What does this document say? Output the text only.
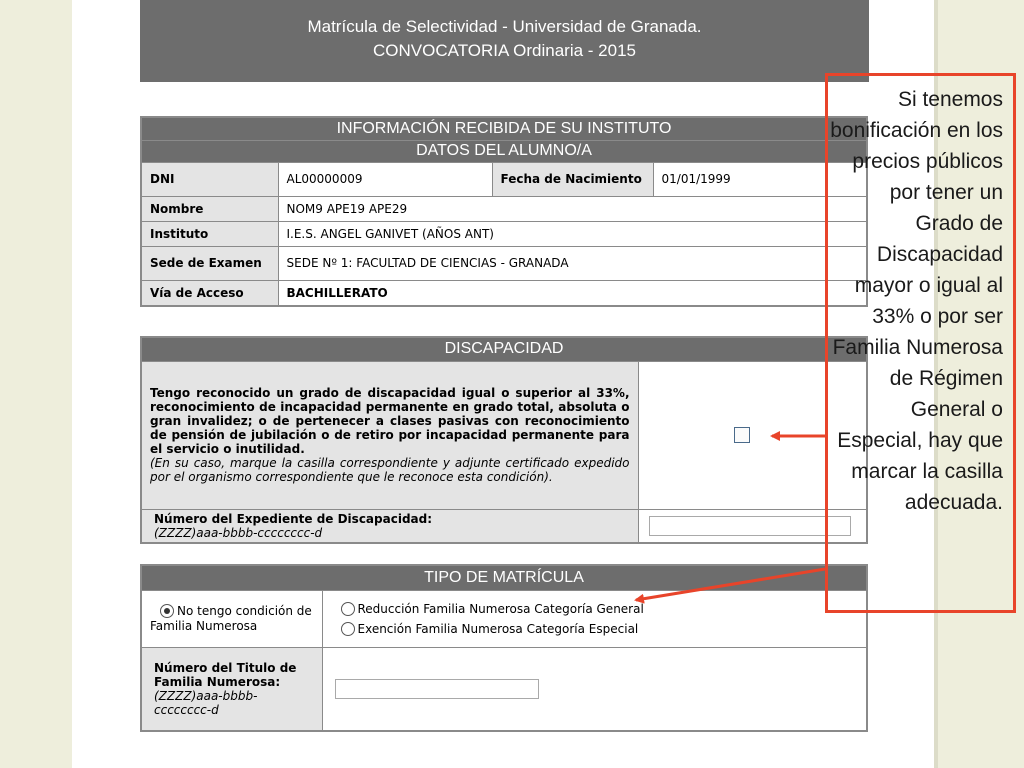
Matrícula de Selectividad - Universidad de Granada.
CONVOCATORIA Ordinaria - 2015
INFORMACIÓN RECIBIDA DE SU INSTITUTO			
DATOS DEL ALUMNO/A			
DNI	AL00000009	Fecha de Nacimiento	01/01/1999
Nombre	NOM9 APE19 APE29		
Instituto	I.E.S. ANGEL GANIVET (AÑOS ANT)		
Sede de Examen	SEDE Nº 1: FACULTAD DE CIENCIAS - GRANADA		
Vía de Acceso	BACHILLERATO		
DISCAPACIDAD	

Tengo reconocido un grado de discapacidad igual o superior al 33%, reconocimiento de incapacidad permanente en grado total, absoluta o gran invalidez; o de pertenecer a clases pasivas con reconocimiento de pensión de jubilación o de retiro por incapacidad permanente para el servicio o inutilidad.
(En su caso, marque la casilla correspondiente y adjunte certificado expedido por el organismo correspondiente que le reconoce esta condición).	

Número del Expediente de Discapacidad:
(ZZZZ)aaa-bbbb-cccccccc-d

TIPO DE MATRÍCULA	
No tengo condición de Familia Numerosa	Reducción Familia Numerosa Categoría General
Exención Familia Numerosa Categoría Especial

Número del Titulo de Familia Numerosa:
(ZZZZ)aaa-bbbb-cccccccc-d

Si tenemos bonificación en los precios públicos por tener un Grado de Discapacidad mayor o igual al 33% o por ser Familia Numerosa de Régimen General o Especial, hay que marcar la casilla adecuada.
